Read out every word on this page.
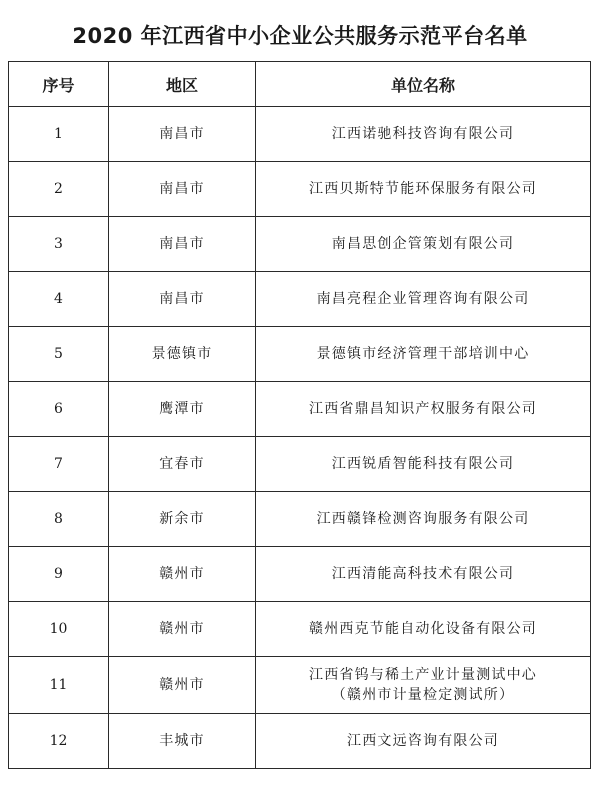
2020 年江西省中小企业公共服务示范平台名单
序号	地区	单位名称
1	南昌市	江西诺驰科技咨询有限公司

2	南昌市	江西贝斯特节能环保服务有限公司

3	南昌市	南昌思创企管策划有限公司

4	南昌市	南昌亮程企业管理咨询有限公司

5	景德镇市	景德镇市经济管理干部培训中心

6	鹰潭市	江西省鼎昌知识产权服务有限公司

7	宜春市	江西锐盾智能科技有限公司

8	新余市	江西赣锋检测咨询服务有限公司

9	赣州市	江西清能高科技术有限公司

10	赣州市	赣州西克节能自动化设备有限公司

11	赣州市	江西省钨与稀土产业计量测试中心
（赣州市计量检定测试所）

12	丰城市	江西文远咨询有限公司
